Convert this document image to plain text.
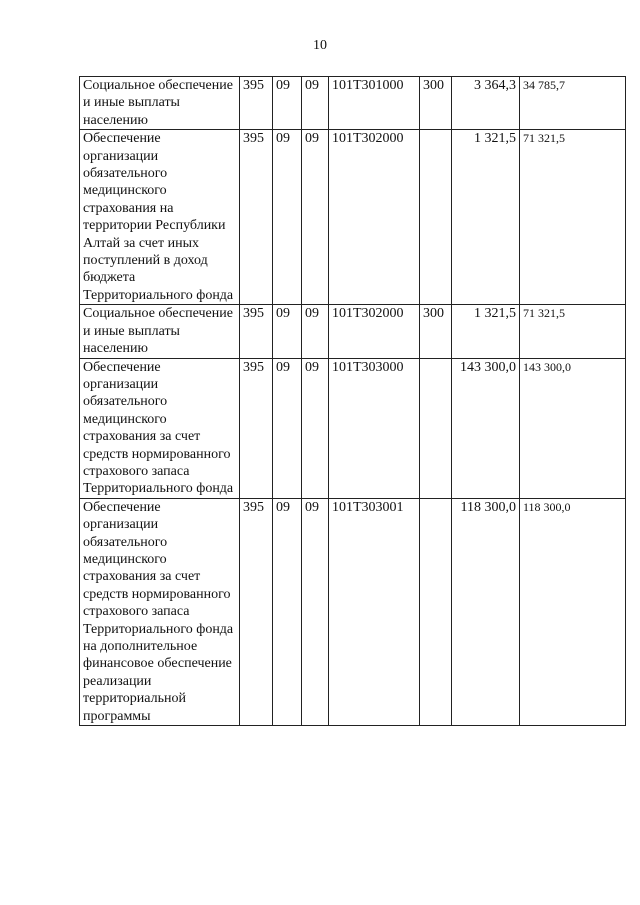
10
Социальное обеспечение и иные выплаты населению	395	09	09	101Т301000	300	3 364,3	34 785,7
Обеспечение организации обязательного медицинского страхования на территории Республики Алтай за счет иных поступлений в доход бюджета Территориального фонда	395	09	09	101Т302000		1 321,5	71 321,5
Социальное обеспечение и иные выплаты населению	395	09	09	101Т302000	300	1 321,5	71 321,5
Обеспечение организации обязательного медицинского страхования за счет средств нормированного страхового запаса Территориального фонда	395	09	09	101Т303000		143 300,0	143 300,0
Обеспечение организации обязательного медицинского страхования за счет средств нормированного страхового запаса Территориального фонда на дополнительное финансовое обеспечение реализации территориальной программы	395	09	09	101Т303001		118 300,0	118 300,0
